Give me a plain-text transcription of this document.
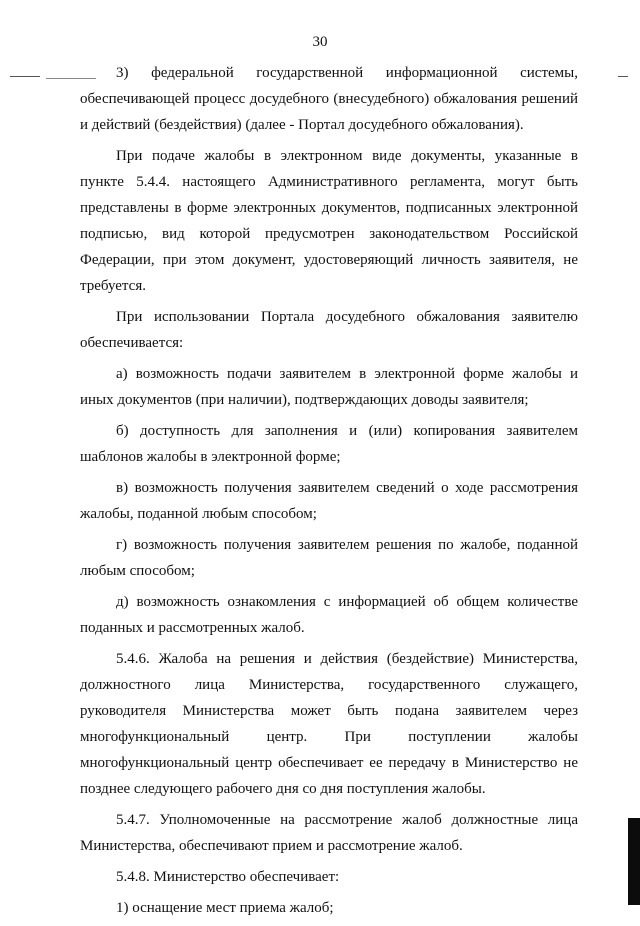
30

3) федеральной государственной информационной системы, обеспечивающей процесс досудебного (внесудебного) обжалования решений и действий (бездействия) (далее - Портал досудебного обжалования).

При подаче жалобы в электронном виде документы, указанные в пункте 5.4.4. настоящего Административного регламента, могут быть представлены в форме электронных документов, подписанных электронной подписью, вид которой предусмотрен законодательством Российской Федерации, при этом документ, удостоверяющий личность заявителя, не требуется.

При использовании Портала досудебного обжалования заявителю обеспечивается:

а) возможность подачи заявителем в электронной форме жалобы и иных документов (при наличии), подтверждающих доводы заявителя;

б) доступность для заполнения и (или) копирования заявителем шаблонов жалобы в электронной форме;

в) возможность получения заявителем сведений о ходе рассмотрения жалобы, поданной любым способом;

г) возможность получения заявителем решения по жалобе, поданной любым способом;

д) возможность ознакомления с информацией об общем количестве поданных и рассмотренных жалоб.

5.4.6. Жалоба на решения и действия (бездействие) Министерства, должностного лица Министерства, государственного служащего, руководителя Министерства может быть подана заявителем через многофункциональный центр. При поступлении жалобы многофункциональный центр обеспечивает ее передачу в Министерство не позднее следующего рабочего дня со дня поступления жалобы.

5.4.7. Уполномоченные на рассмотрение жалоб должностные лица Министерства, обеспечивают прием и рассмотрение жалоб.

5.4.8. Министерство обеспечивает:

1) оснащение мест приема жалоб;
